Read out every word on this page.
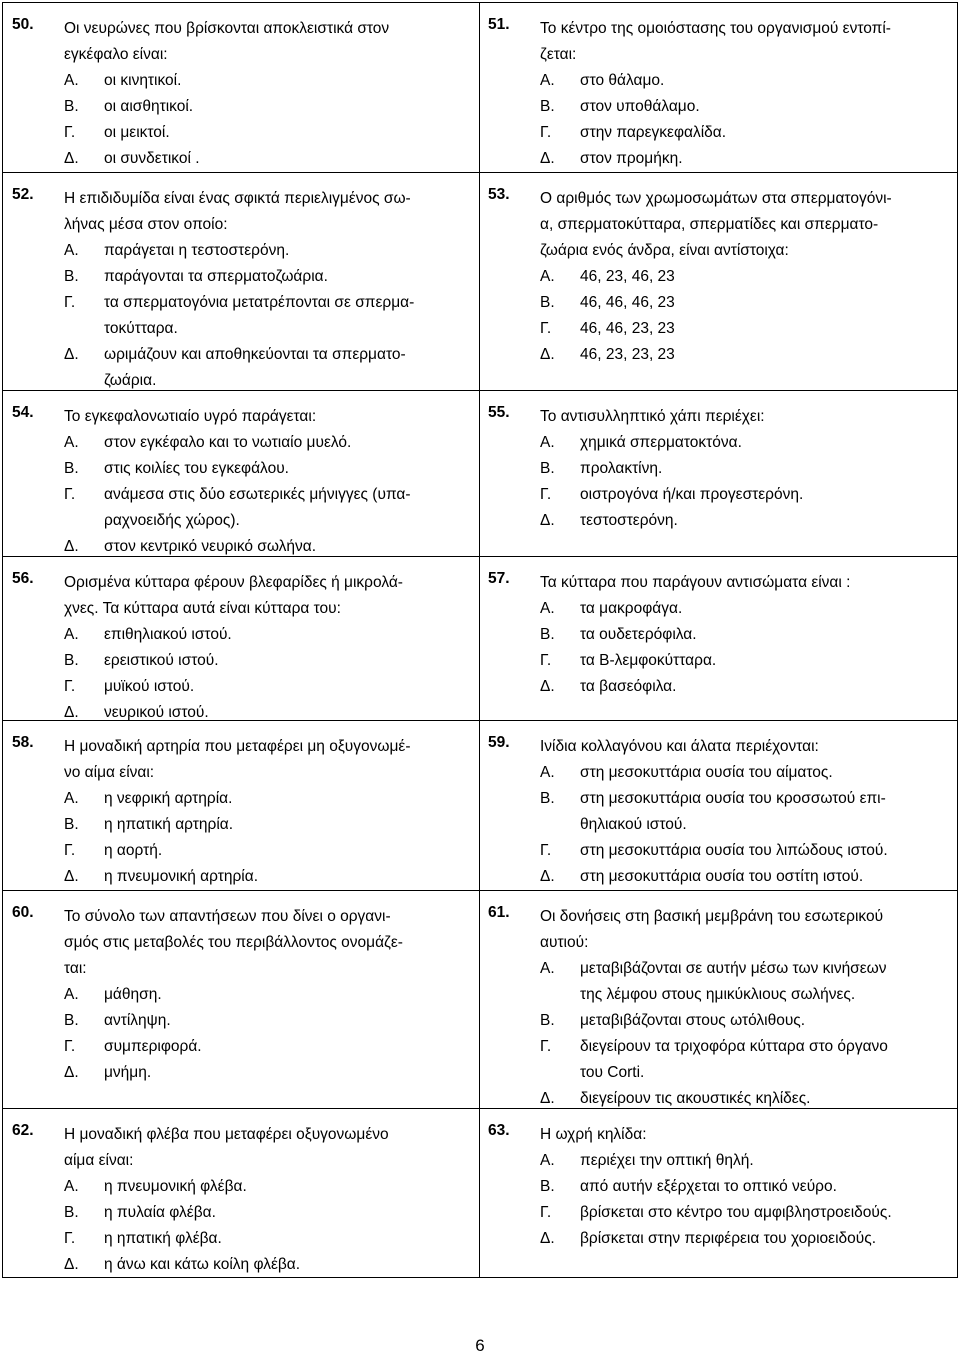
50. Οι νευρώνες που βρίσκονται αποκλειστικά στον
εγκέφαλο είναι:
Α. οι κινητικοί.
Β. οι αισθητικοί.
Γ. οι μεικτοί.
Δ. οι συνδετικοί .
51. Το κέντρο της ομοιόστασης του οργανισμού εντοπί-
ζεται:
Α. στο θάλαμο.
Β. στον υποθάλαμο.
Γ. στην παρεγκεφαλίδα.
Δ. στον προμήκη.
52. Η επιδιδυμίδα είναι ένας σφικτά περιελιγμένος σω-
λήνας μέσα στον οποίο:
Α. παράγεται η τεστοστερόνη.
Β. παράγονται τα σπερματοζωάρια.
Γ. τα σπερματογόνια μετατρέπονται σε σπερμα-
τοκύτταρα.
Δ. ωριμάζουν και αποθηκεύονται τα σπερματο-
ζωάρια.
53. Ο αριθμός των χρωμοσωμάτων στα σπερματογόνι-
α, σπερματοκύτταρα, σπερματίδες και σπερματο-
ζωάρια ενός άνδρα, είναι αντίστοιχα:
Α. 46, 23, 46, 23
Β. 46, 46, 46, 23
Γ. 46, 46, 23, 23
Δ. 46, 23, 23, 23
54. Το εγκεφαλονωτιαίο υγρό παράγεται:
Α. στον εγκέφαλο και το νωτιαίο μυελό.
Β. στις κοιλίες του εγκεφάλου.
Γ. ανάμεσα στις δύο εσωτερικές μήνιγγες (υπα-
ραχνοειδής χώρος).
Δ. στον κεντρικό νευρικό σωλήνα.
55. Το αντισυλληπτικό χάπι περιέχει:
Α. χημικά σπερματοκτόνα.
Β. προλακτίνη.
Γ. οιστρογόνα ή/και προγεστερόνη.
Δ. τεστοστερόνη.
56. Ορισμένα κύτταρα φέρουν βλεφαρίδες ή μικρολά-
χνες. Τα κύτταρα αυτά είναι κύτταρα του:
Α. επιθηλιακού ιστού.
Β. ερειστικού ιστού.
Γ. μυϊκού ιστού.
Δ. νευρικού ιστού.
57. Τα κύτταρα που παράγουν αντισώματα είναι :
Α. τα μακροφάγα.
Β. τα ουδετερόφιλα.
Γ. τα Β-λεμφοκύτταρα.
Δ. τα βασεόφιλα.
58. Η μοναδική αρτηρία που μεταφέρει μη οξυγονωμέ-
νο αίμα είναι:
Α. η νεφρική αρτηρία.
Β. η ηπατική αρτηρία.
Γ. η αορτή.
Δ. η πνευμονική αρτηρία.
59. Ινίδια κολλαγόνου και άλατα περιέχονται:
Α. στη μεσοκυττάρια ουσία του αίματος.
Β. στη μεσοκυττάρια ουσία του κροσσωτού επι-
θηλιακού ιστού.
Γ. στη μεσοκυττάρια ουσία του λιπώδους ιστού.
Δ. στη μεσοκυττάρια ουσία του οστίτη ιστού.
60. Το σύνολο των απαντήσεων που δίνει ο οργανι-
σμός στις μεταβολές του περιβάλλοντος ονομάζε-
ται:
Α. μάθηση.
Β. αντίληψη.
Γ. συμπεριφορά.
Δ. μνήμη.
61. Οι δονήσεις στη βασική μεμβράνη του εσωτερικού
αυτιού:
Α. μεταβιβάζονται σε αυτήν μέσω των κινήσεων
της λέμφου στους ημικύκλιους σωλήνες.
Β. μεταβιβάζονται στους ωτόλιθους.
Γ. διεγείρουν τα τριχοφόρα κύτταρα στο όργανο
του Corti.
Δ. διεγείρουν τις ακουστικές κηλίδες.
62. Η μοναδική φλέβα που μεταφέρει οξυγονωμένο
αίμα είναι:
Α. η πνευμονική φλέβα.
Β. η πυλαία φλέβα.
Γ. η ηπατική φλέβα.
Δ. η άνω και κάτω κοίλη φλέβα.
63. Η ωχρή κηλίδα:
Α. περιέχει την οπτική θηλή.
Β. από αυτήν εξέρχεται το οπτικό νεύρο.
Γ. βρίσκεται στο κέντρο του αμφιβληστροειδούς.
Δ. βρίσκεται στην περιφέρεια του χοριοειδούς.
6
